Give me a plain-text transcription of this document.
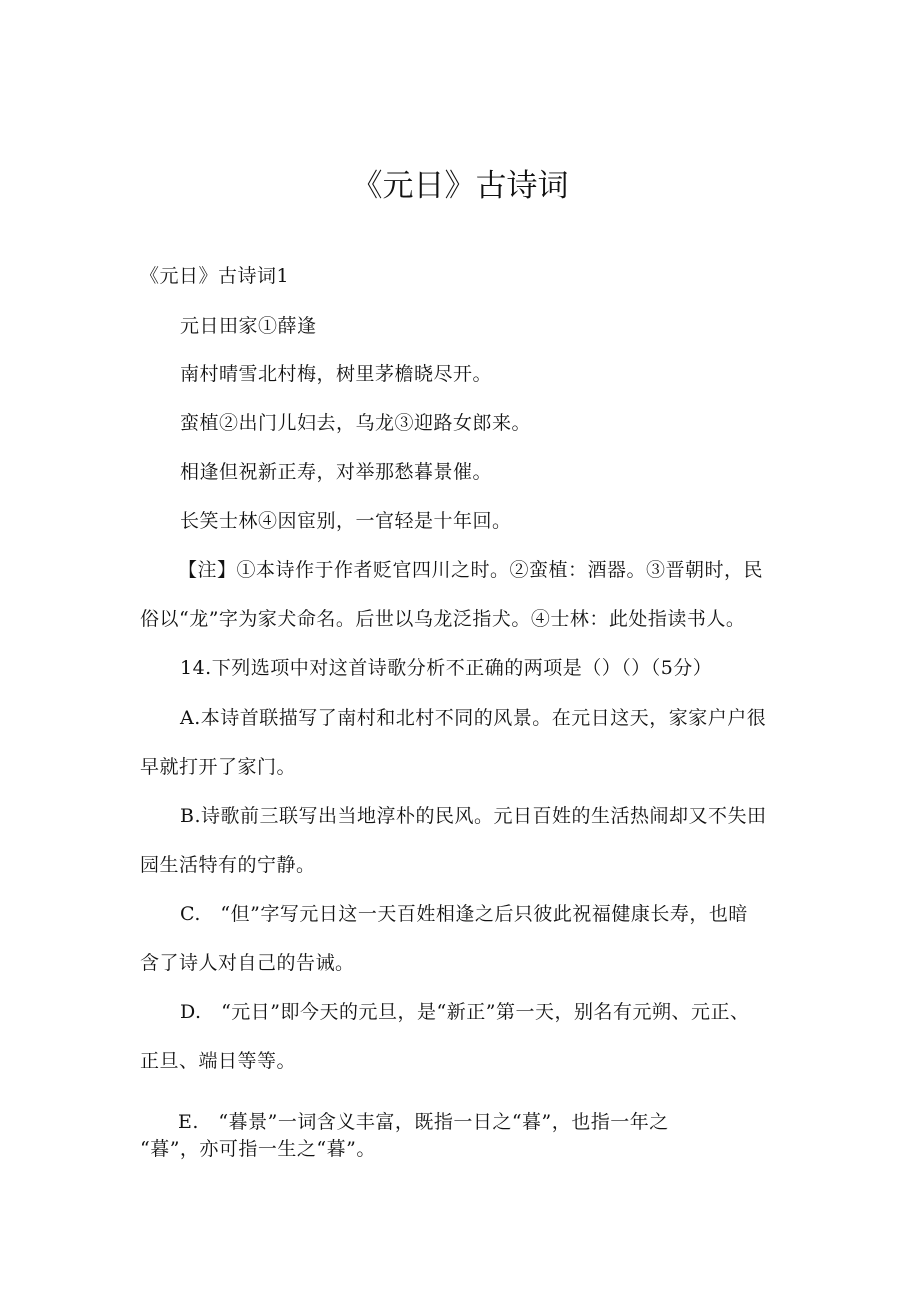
《元日》古诗词

《元日》古诗词1

元日田家①薛逢

南村晴雪北村梅，树里茅檐晓尽开。

蛮植②出门儿妇去，乌龙③迎路女郎来。

相逢但祝新正寿，对举那愁暮景催。

长笑士林④因宦别，一官轻是十年回。

【注】①本诗作于作者贬官四川之时。②蛮植：酒器。③晋朝时，民

俗以“龙”字为家犬命名。后世以乌龙泛指犬。④士林：此处指读书人。

14.下列选项中对这首诗歌分析不正确的两项是（）（）（5分）

A.本诗首联描写了南村和北村不同的风景。在元日这天，家家户户很

早就打开了家门。

B.诗歌前三联写出当地淳朴的民风。元日百姓的生活热闹却又不失田

园生活特有的宁静。

C.　“但”字写元日这一天百姓相逢之后只彼此祝福健康长寿，也暗

含了诗人对自己的告诫。

D.　“元日”即今天的元旦，是“新正”第一天，别名有元朔、元正、

正旦、端日等等。

E.　“暮景”一词含义丰富，既指一日之“暮”，也指一年之

“暮”，亦可指一生之“暮”。
